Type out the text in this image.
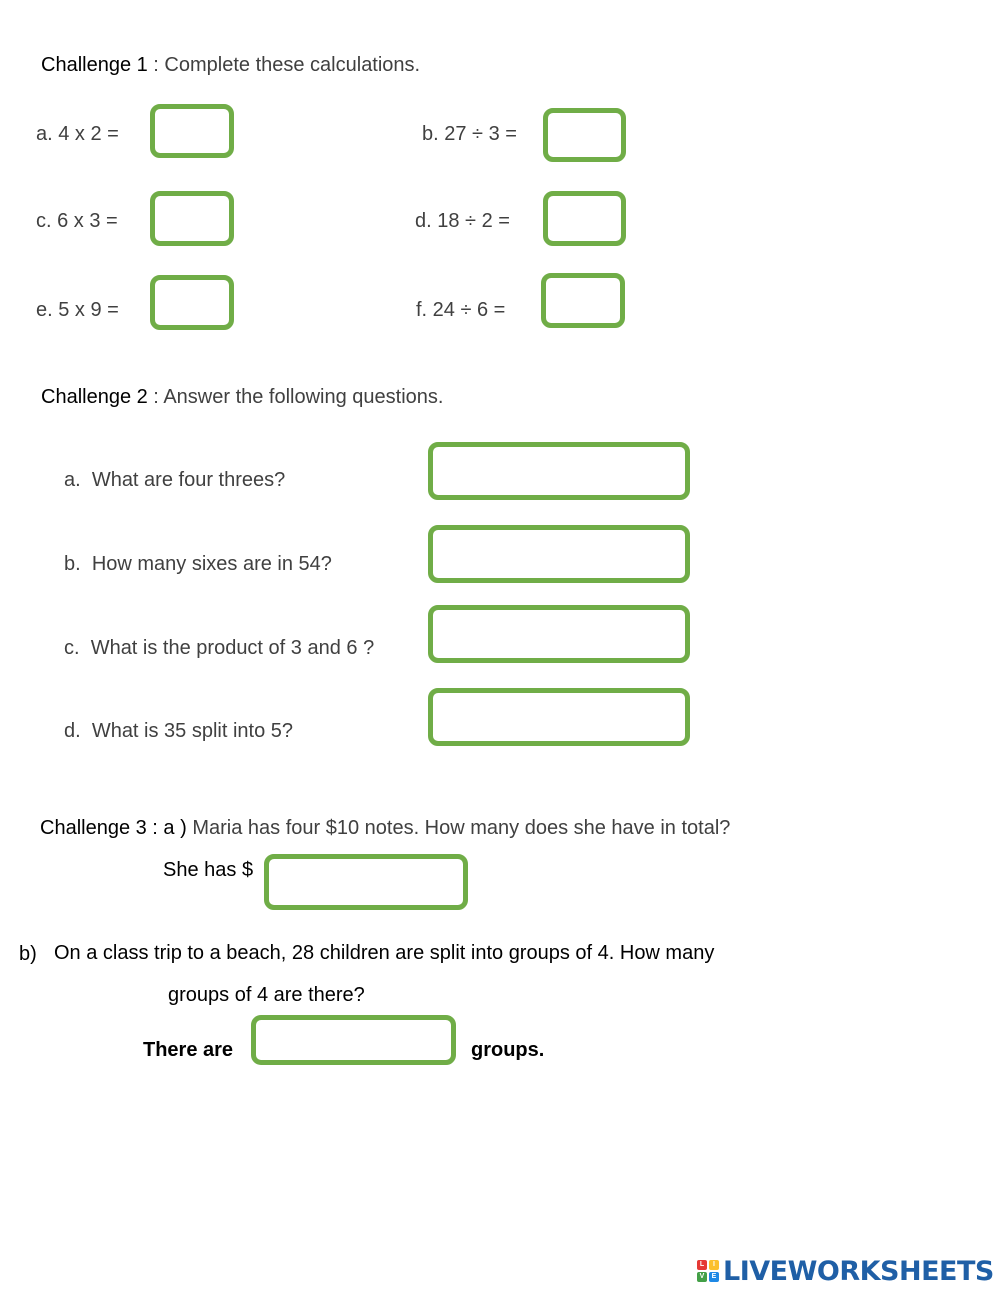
Challenge 1 : Complete these calculations.
a. 4 x 2 =	b. 27 ÷ 3 =
c. 6 x 3 =	d. 18 ÷ 2 =
e. 5 x 9 =	f. 24 ÷ 6 =
Challenge 2 : Answer the following questions.
a. What are four threes?
b. How many sixes are in 54?
c. What is the product of 3 and 6 ?
d. What is 35 split into 5?
Challenge 3 : a ) Maria has four $10 notes. How many does she have in total?
She has $
b) On a class trip to a beach, 28 children are split into groups of 4. How many
groups of 4 are there?
There are	groups.
L	I
V	E LIVEWORKSHEETS
